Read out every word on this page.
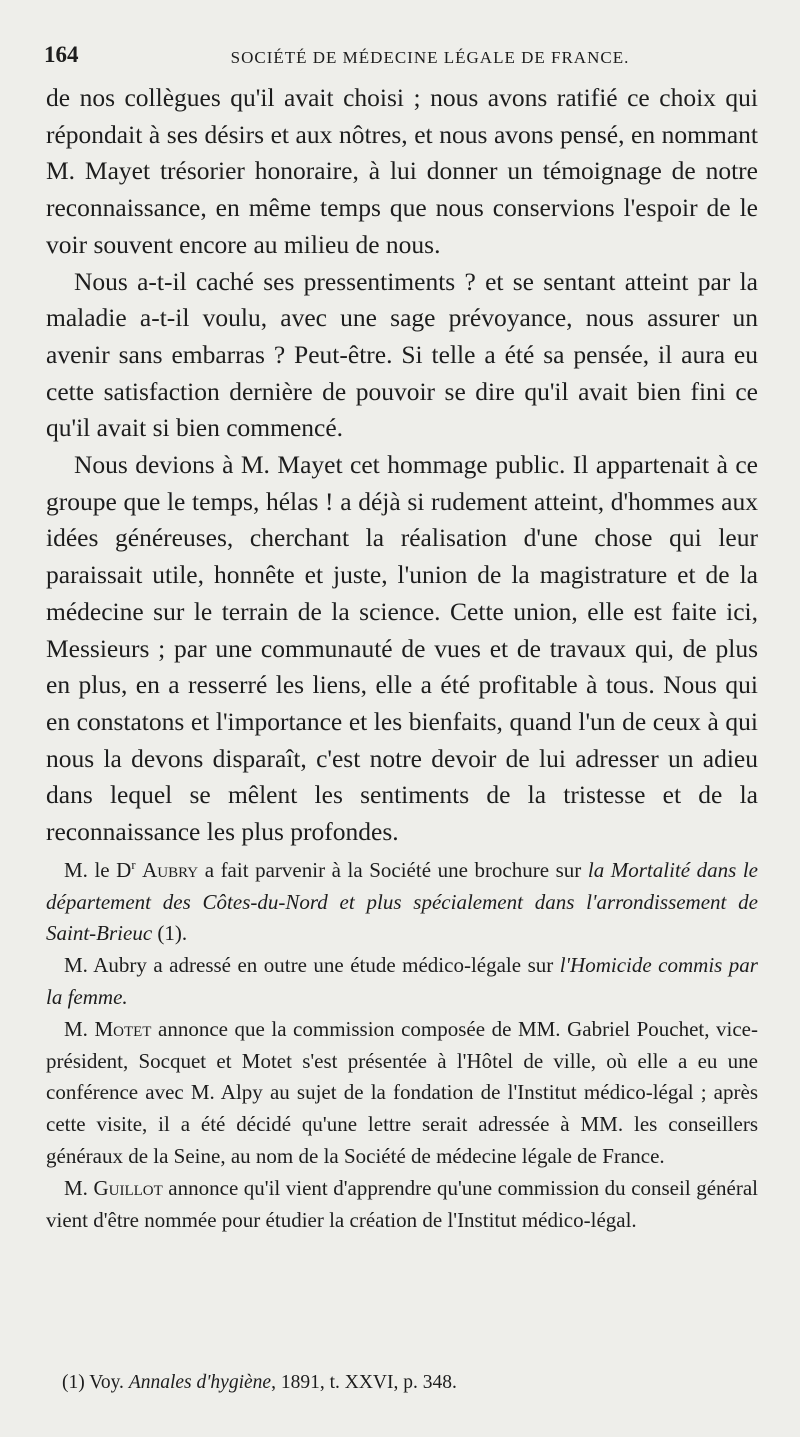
164	SOCIÉTÉ DE MÉDECINE LÉGALE DE FRANCE.

de nos collègues qu'il avait choisi ; nous avons ratifié ce choix qui répondait à ses désirs et aux nôtres, et nous avons pensé, en nommant M. Mayet trésorier honoraire, à lui donner un témoignage de notre reconnaissance, en même temps que nous conservions l'espoir de le voir souvent encore au milieu de nous.

Nous a-t-il caché ses pressentiments ? et se sentant atteint par la maladie a-t-il voulu, avec une sage prévoyance, nous assurer un avenir sans embarras ? Peut-être. Si telle a été sa pensée, il aura eu cette satisfaction dernière de pouvoir se dire qu'il avait bien fini ce qu'il avait si bien commencé.

Nous devions à M. Mayet cet hommage public. Il appartenait à ce groupe que le temps, hélas ! a déjà si rudement atteint, d'hommes aux idées généreuses, cherchant la réalisation d'une chose qui leur paraissait utile, honnête et juste, l'union de la magistrature et de la médecine sur le terrain de la science. Cette union, elle est faite ici, Messieurs ; par une communauté de vues et de travaux qui, de plus en plus, en a resserré les liens, elle a été profitable à tous. Nous qui en constatons et l'importance et les bienfaits, quand l'un de ceux à qui nous la devons disparaît, c'est notre devoir de lui adresser un adieu dans lequel se mêlent les sentiments de la tristesse et de la reconnaissance les plus profondes.

M. le $D^r$ Aubry a fait parvenir à la Société une brochure sur la Mortalité dans le département des Côtes-du-Nord et plus spécialement dans l'arrondissement de Saint-Brieuc (1).

M. Aubry a adressé en outre une étude médico-légale sur l'Homicide commis par la femme.

M. Motet annonce que la commission composée de MM. Gabriel Pouchet, vice-président, Socquet et Motet s'est présentée à l'Hôtel de ville, où elle a eu une conférence avec M. Alpy au sujet de la fondation de l'Institut médico-légal ; après cette visite, il a été décidé qu'une lettre serait adressée à MM. les conseillers généraux de la Seine, au nom de la Société de médecine légale de France.

M. Guillot annonce qu'il vient d'apprendre qu'une commission du conseil général vient d'être nommée pour étudier la création de l'Institut médico-légal.

(1) Voy. Annales d'hygiène, 1891, t. XXVI, p. 348.
